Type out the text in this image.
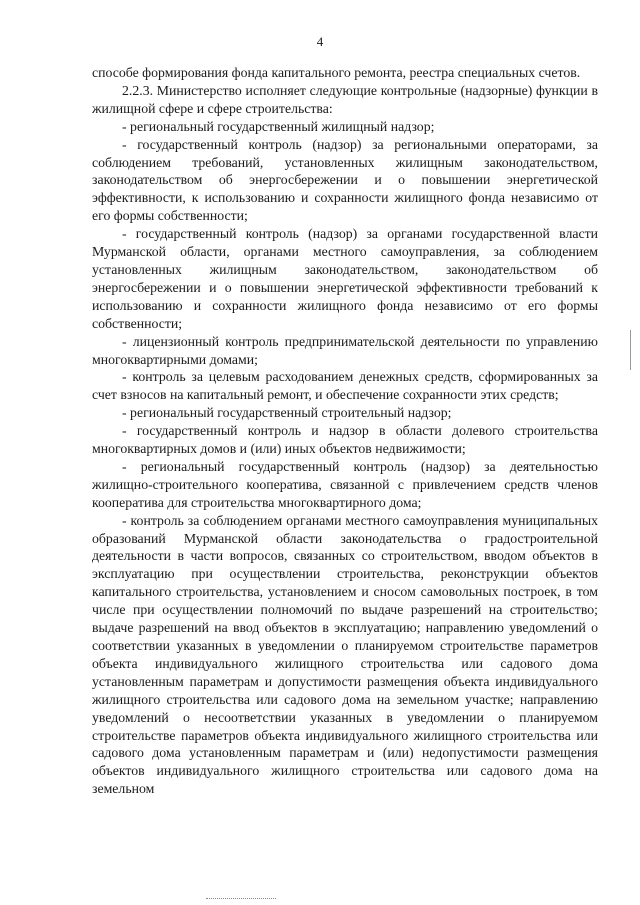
4

способе формирования фонда капитального ремонта, реестра специальных счетов.

2.2.3. Министерство исполняет следующие контрольные (надзорные) функции в жилищной сфере и сфере строительства:

- региональный государственный жилищный надзор;

- государственный контроль (надзор) за региональными операторами, за соблюдением требований, установленных жилищным законодательством, законодательством об энергосбережении и о повышении энергетической эффективности, к использованию и сохранности жилищного фонда независимо от его формы собственности;

- государственный контроль (надзор) за органами государственной власти Мурманской области, органами местного самоуправления, за соблюдением установленных жилищным законодательством, законодательством об энергосбережении и о повышении энергетической эффективности требований к использованию и сохранности жилищного фонда независимо от его формы собственности;

- лицензионный контроль предпринимательской деятельности по управлению многоквартирными домами;

- контроль за целевым расходованием денежных средств, сформированных за счет взносов на капитальный ремонт, и обеспечение сохранности этих средств;

- региональный государственный строительный надзор;

- государственный контроль и надзор в области долевого строительства многоквартирных домов и (или) иных объектов недвижимости;

- региональный государственный контроль (надзор) за деятельностью жилищно-строительного кооператива, связанной с привлечением средств членов кооператива для строительства многоквартирного дома;

- контроль за соблюдением органами местного самоуправления муниципальных образований Мурманской области законодательства о градостроительной деятельности в части вопросов, связанных со строительством, вводом объектов в эксплуатацию при осуществлении строительства, реконструкции объектов капитального строительства, установлением и сносом самовольных построек, в том числе при осуществлении полномочий по выдаче разрешений на строительство; выдаче разрешений на ввод объектов в эксплуатацию; направлению уведомлений о соответствии указанных в уведомлении о планируемом строительстве параметров объекта индивидуального жилищного строительства или садового дома установленным параметрам и допустимости размещения объекта индивидуального жилищного строительства или садового дома на земельном участке; направлению уведомлений о несоответствии указанных в уведомлении о планируемом строительстве параметров объекта индивидуального жилищного строительства или садового дома установленным параметрам и (или) недопустимости размещения объектов индивидуального жилищного строительства или садового дома на земельном
